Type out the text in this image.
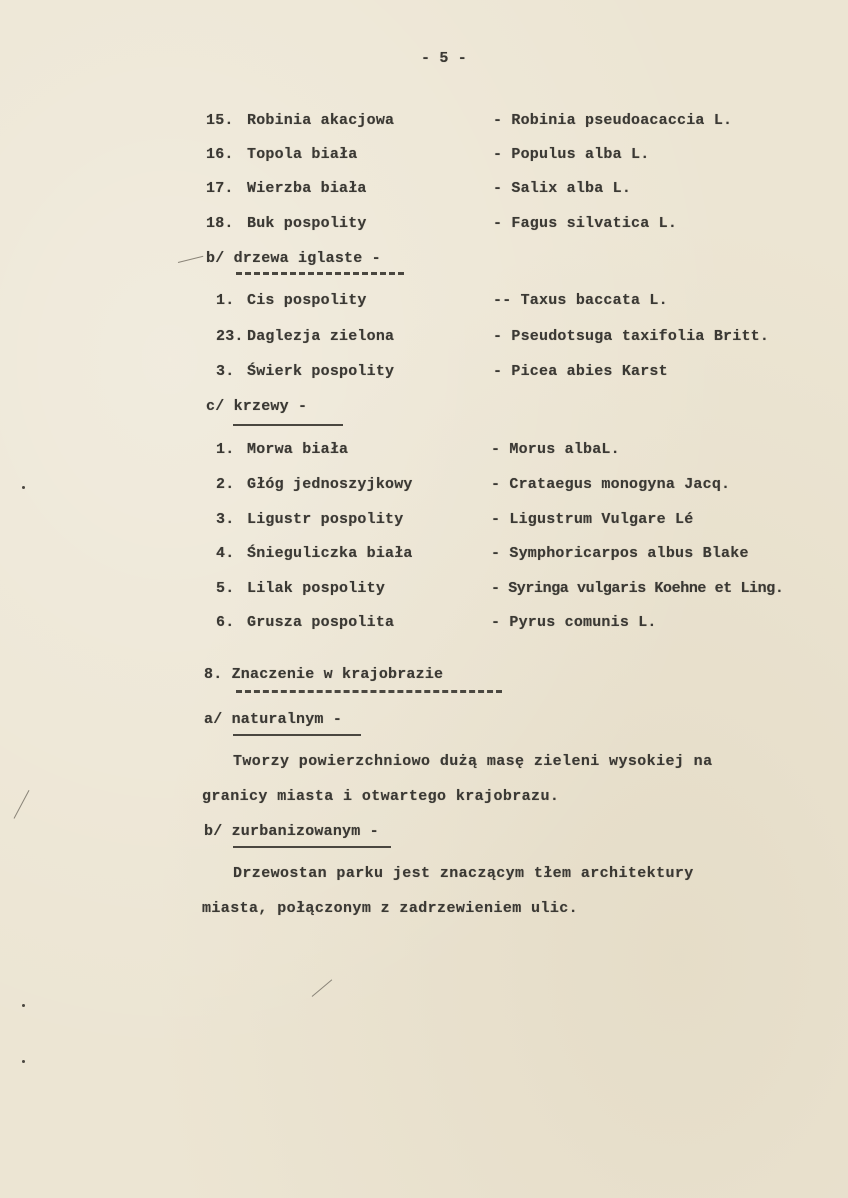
- 5 -
15. Robinia akacjowa	- Robinia pseudoacaccia L.
16. Topola biała	- Populus alba L.
17. Wierzba biała	- Salix alba L.
18. Buk pospolity	- Fagus silvatica L.
b/ drzewa iglaste -
1. Cis pospolity	-- Taxus baccata L.
23. Daglezja zielona	- Pseudotsuga taxifolia Britt.
3. Świerk pospolity	- Picea abies Karst
c/ krzewy -
1. Morwa biała	- Morus albaL.
2. Głóg jednoszyjkowy	- Crataegus monogyna Jacq.
3. Ligustr pospolity	- Ligustrum Vulgare Lé
4. Śnieguliczka biała	- Symphoricarpos albus Blake
5. Lilak pospolity	- Syringa vulgaris Koehne et Ling.
6. Grusza pospolita	- Pyrus comunis L.
8. Znaczenie w krajobrazie
a/ naturalnym -
Tworzy powierzchniowo dużą masę zieleni wysokiej na
granicy miasta i otwartego krajobrazu.
b/ zurbanizowanym -
Drzewostan parku jest znaczącym tłem architektury
miasta, połączonym z zadrzewieniem ulic.
